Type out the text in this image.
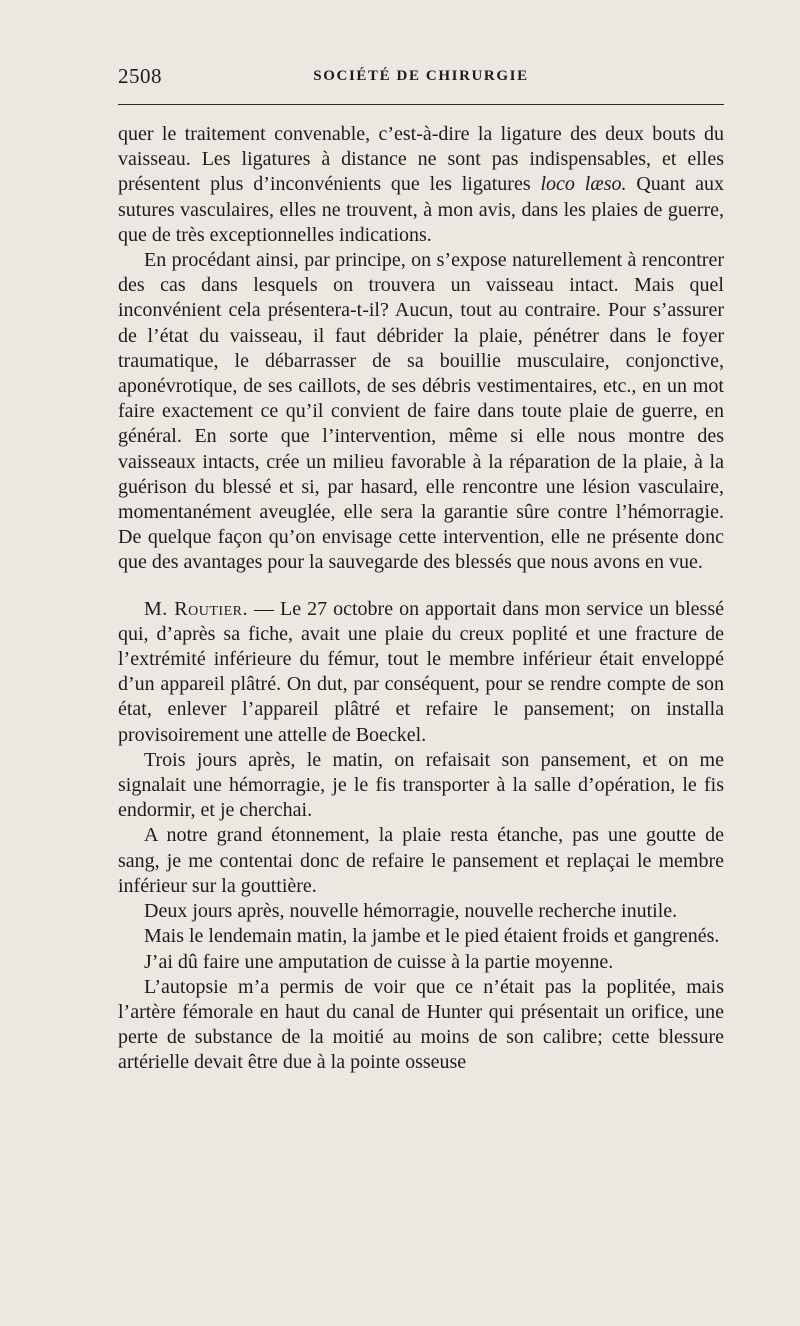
2508	SOCIÉTÉ DE CHIRURGIE

quer le traitement convenable, c’est-à-dire la ligature des deux bouts du vaisseau. Les ligatures à distance ne sont pas indispensables, et elles présentent plus d’inconvénients que les ligatures loco læso. Quant aux sutures vasculaires, elles ne trouvent, à mon avis, dans les plaies de guerre, que de très exceptionnelles indications.

En procédant ainsi, par principe, on s’expose naturellement à rencontrer des cas dans lesquels on trouvera un vaisseau intact. Mais quel inconvénient cela présentera-t-il? Aucun, tout au contraire. Pour s’assurer de l’état du vaisseau, il faut débrider la plaie, pénétrer dans le foyer traumatique, le débarrasser de sa bouillie musculaire, conjonctive, aponévrotique, de ses caillots, de ses débris vestimentaires, etc., en un mot faire exactement ce qu’il convient de faire dans toute plaie de guerre, en général. En sorte que l’intervention, même si elle nous montre des vaisseaux intacts, crée un milieu favorable à la réparation de la plaie, à la guérison du blessé et si, par hasard, elle rencontre une lésion vasculaire, momentanément aveuglée, elle sera la garantie sûre contre l’hémorragie. De quelque façon qu’on envisage cette intervention, elle ne présente donc que des avantages pour la sauvegarde des blessés que nous avons en vue.

M. Routier. — Le 27 octobre on apportait dans mon service un blessé qui, d’après sa fiche, avait une plaie du creux poplité et une fracture de l’extrémité inférieure du fémur, tout le membre inférieur était enveloppé d’un appareil plâtré. On dut, par conséquent, pour se rendre compte de son état, enlever l’appareil plâtré et refaire le pansement; on installa provisoirement une attelle de Boeckel.

Trois jours après, le matin, on refaisait son pansement, et on me signalait une hémorragie, je le fis transporter à la salle d’opération, le fis endormir, et je cherchai.

A notre grand étonnement, la plaie resta étanche, pas une goutte de sang, je me contentai donc de refaire le pansement et replaçai le membre inférieur sur la gouttière.

Deux jours après, nouvelle hémorragie, nouvelle recherche inutile.

Mais le lendemain matin, la jambe et le pied étaient froids et gangrenés.

J’ai dû faire une amputation de cuisse à la partie moyenne.

L’autopsie m’a permis de voir que ce n’était pas la poplitée, mais l’artère fémorale en haut du canal de Hunter qui présentait un orifice, une perte de substance de la moitié au moins de son calibre; cette blessure artérielle devait être due à la pointe osseuse
